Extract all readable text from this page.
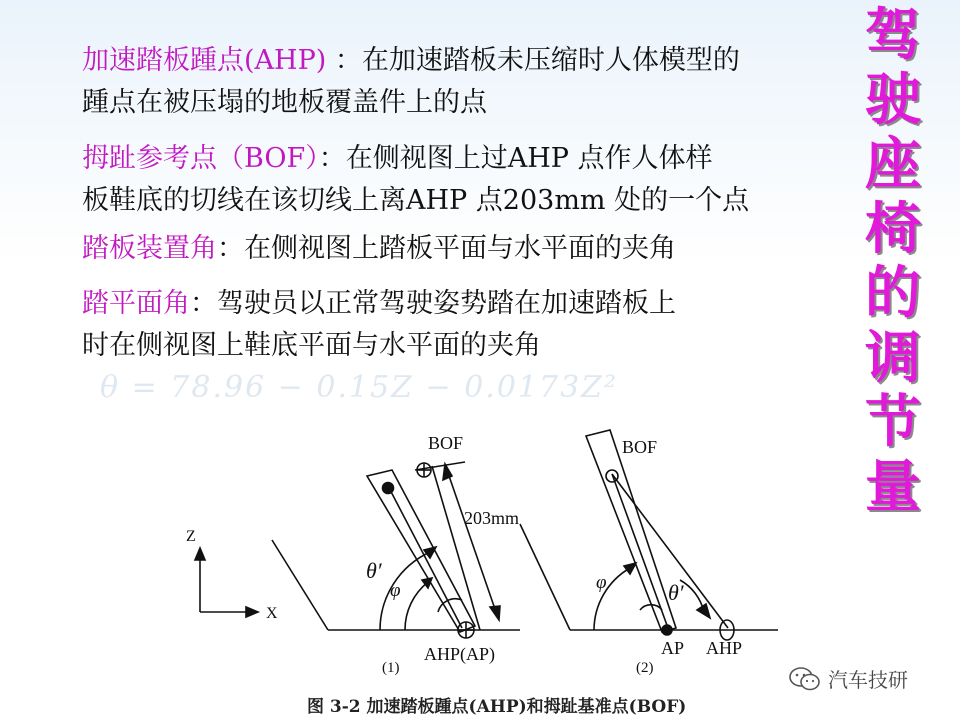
加速踏板踵点(AHP) ：在加速踏板未压缩时人体模型的
踵点在被压塌的地板覆盖件上的点

拇趾参考点（BOF）：在侧视图上过AHP 点作人体样
板鞋底的切线在该切线上离AHP 点203mm 处的一个点

踏板装置角：在侧视图上踏板平面与水平面的夹角

踏平面角：驾驶员以正常驾驶姿势踏在加速踏板上
时在侧视图上鞋底平面与水平面的夹角

驾
驶
座
椅
的
调
节
量
θ = 78.96 − 0.15Z − 0.0173Z²
Z
X
BOF
203mm
θ′
φ
AHP(AP)
(1)
BOF
φ	θ′
AP AHP
(2)
图 3-2 加速踏板踵点(AHP)和拇趾基准点(BOF)
汽车技研
